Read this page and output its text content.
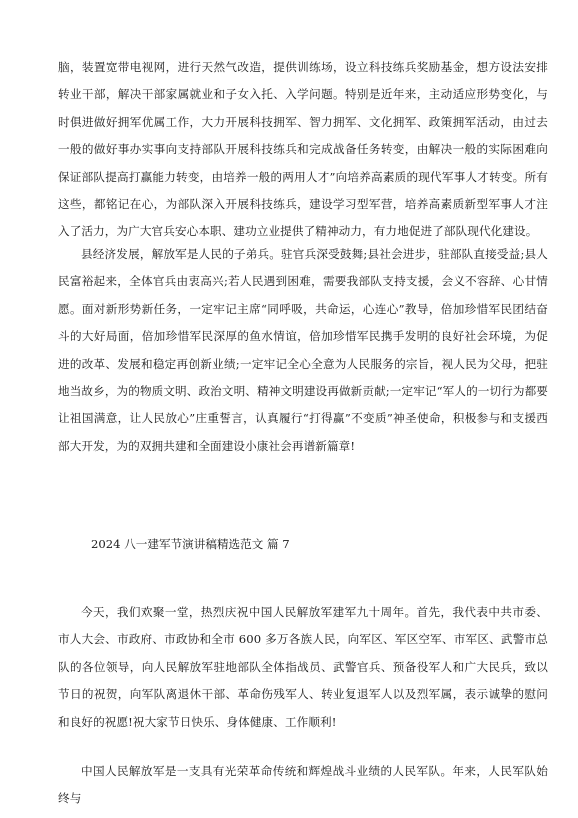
脑，装置宽带电视网，进行天然气改造，提供训练场，设立科技练兵奖励基金，想方设法安排转业干部，解决干部家属就业和子女入托、入学问题。特别是近年来，主动适应形势变化，与时俱进做好拥军优属工作，大力开展科技拥军、智力拥军、文化拥军、政策拥军活动，由过去一般的做好事办实事向支持部队开展科技练兵和完成战备任务转变，由解决一般的实际困难向保证部队提高打赢能力转变，由培养一般的两用人才”向培养高素质的现代军事人才转变。所有这些，都铭记在心，为部队深入开展科技练兵，建设学习型军营，培养高素质新型军事人才注入了活力，为广大官兵安心本职、建功立业提供了精神动力，有力地促进了部队现代化建设。

县经济发展，解放军是人民的子弟兵。驻官兵深受鼓舞;县社会进步，驻部队直接受益;县人民富裕起来，全体官兵由衷高兴;若人民遇到困难，需要我部队支持支援，会义不容辞、心甘情愿。面对新形势新任务，一定牢记主席“同呼吸，共命运，心连心”教导，倍加珍惜军民团结奋斗的大好局面，倍加珍惜军民深厚的鱼水情谊，倍加珍惜军民携手发明的良好社会环境，为促进的改革、发展和稳定再创新业绩;一定牢记全心全意为人民服务的宗旨，视人民为父母，把驻地当故乡，为的物质文明、政治文明、精神文明建设再做新贡献;一定牢记“军人的一切行为都要让祖国满意，让人民放心”庄重誓言，认真履行“打得赢”不变质”神圣使命，积极参与和支援西部大开发，为的双拥共建和全面建设小康社会再谱新篇章!

2024 八一建军节演讲稿精选范文 篇 7

今天，我们欢聚一堂，热烈庆祝中国人民解放军建军九十周年。首先，我代表中共市委、市人大会、市政府、市政协和全市 600 多万各族人民，向军区、军区空军、市军区、武警市总队的各位领导，向人民解放军驻地部队全体指战员、武警官兵、预备役军人和广大民兵，致以节日的祝贺，向军队离退休干部、革命伤残军人、转业复退军人以及烈军属，表示诚挚的慰问和良好的祝愿!祝大家节日快乐、身体健康、工作顺利!

中国人民解放军是一支具有光荣革命传统和辉煌战斗业绩的人民军队。年来，人民军队始终与
